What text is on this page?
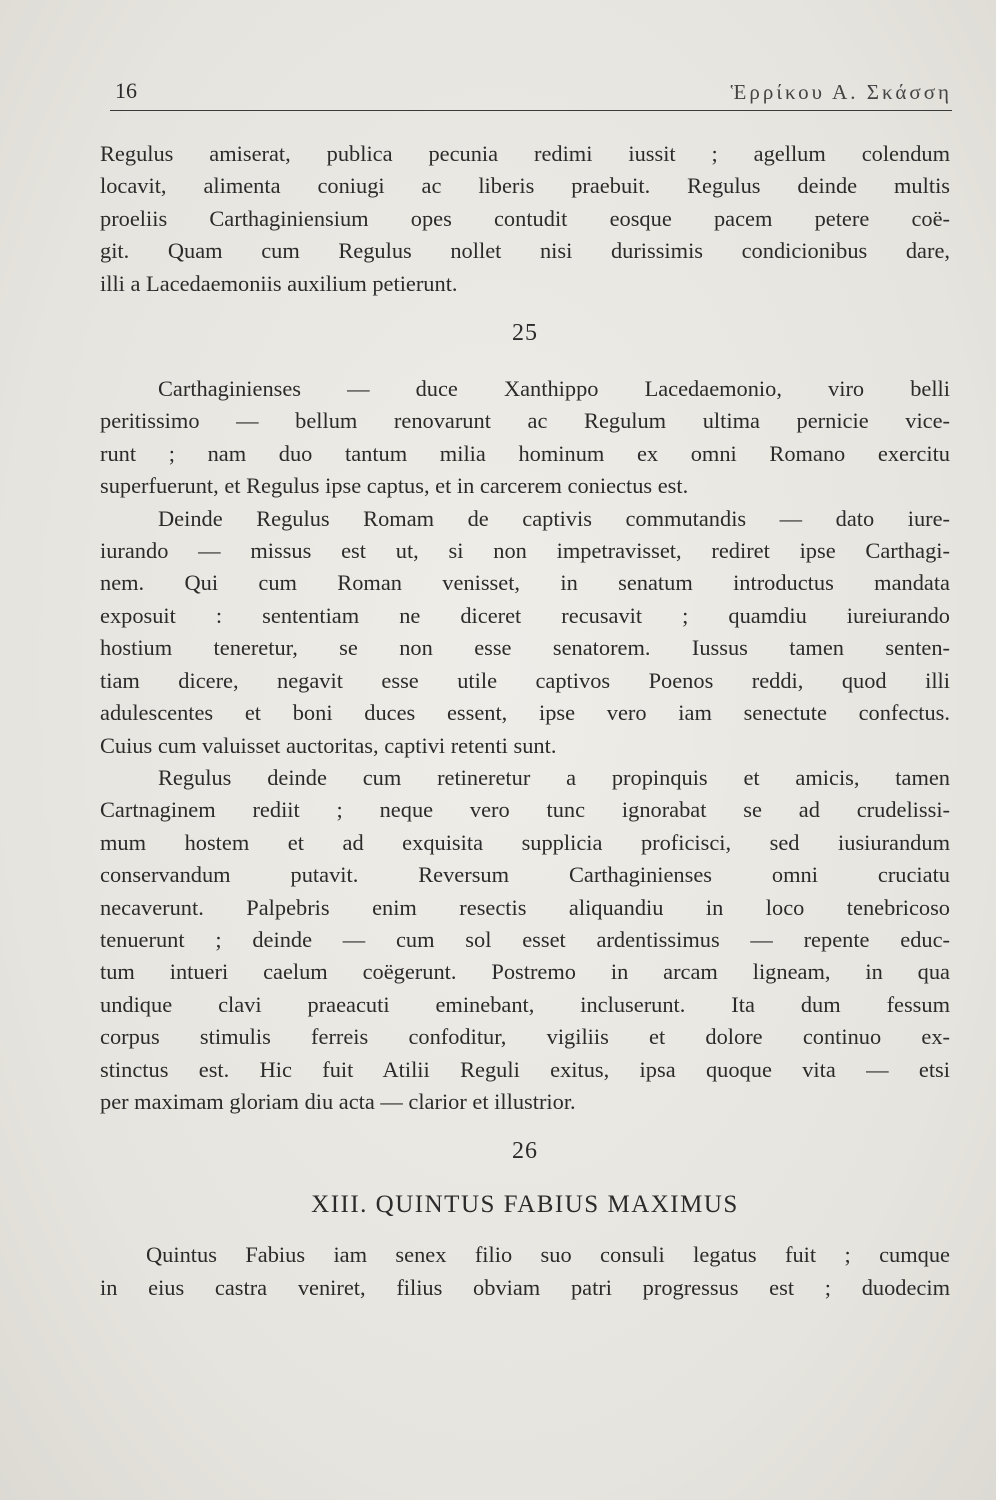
16	Ἑρρίκου Α. Σκάσση

Regulus amiserat, publica pecunia redimi iussit ; agellum colendum
locavit, alimenta coniugi ac liberis praebuit. Regulus deinde multis
proeliis Carthaginiensium opes contudit eosque pacem petere coë-
git. Quam cum Regulus nollet nisi durissimis condicionibus dare,
illi a Lacedaemoniis auxilium petierunt.

25

Carthaginienses — duce Xanthippo Lacedaemonio, viro belli
peritissimo — bellum renovarunt ac Regulum ultima pernicie vice-
runt ; nam duo tantum milia hominum ex omni Romano exercitu
superfuerunt, et Regulus ipse captus, et in carcerem coniectus est.

Deinde Regulus Romam de captivis commutandis — dato iure-
iurando — missus est ut, si non impetravisset, rediret ipse Carthagi-
nem. Qui cum Roman venisset, in senatum introductus mandata
exposuit : sententiam ne diceret recusavit ; quamdiu iureiurando
hostium teneretur, se non esse senatorem. Iussus tamen senten-
tiam dicere, negavit esse utile captivos Poenos reddi, quod illi
adulescentes et boni duces essent, ipse vero iam senectute confectus.
Cuius cum valuisset auctoritas, captivi retenti sunt.

Regulus deinde cum retineretur a propinquis et amicis, tamen
Cartnaginem rediit ; neque vero tunc ignorabat se ad crudelissi-
mum hostem et ad exquisita supplicia proficisci, sed iusiurandum
conservandum putavit. Reversum Carthaginienses omni cruciatu
necaverunt. Palpebris enim resectis aliquandiu in loco tenebricoso
tenuerunt ; deinde — cum sol esset ardentissimus — repente educ-
tum intueri caelum coëgerunt. Postremo in arcam ligneam, in qua
undique clavi praeacuti eminebant, incluserunt. Ita dum fessum
corpus stimulis ferreis confoditur, vigiliis et dolore continuo ex-
stinctus est. Hic fuit Atilii Reguli exitus, ipsa quoque vita — etsi
per maximam gloriam diu acta — clarior et illustrior.

26
XIII. QUINTUS FABIUS MAXIMUS

Quintus Fabius iam senex filio suo consuli legatus fuit ; cumque
in eius castra veniret, filius obviam patri progressus est ; duodecim
